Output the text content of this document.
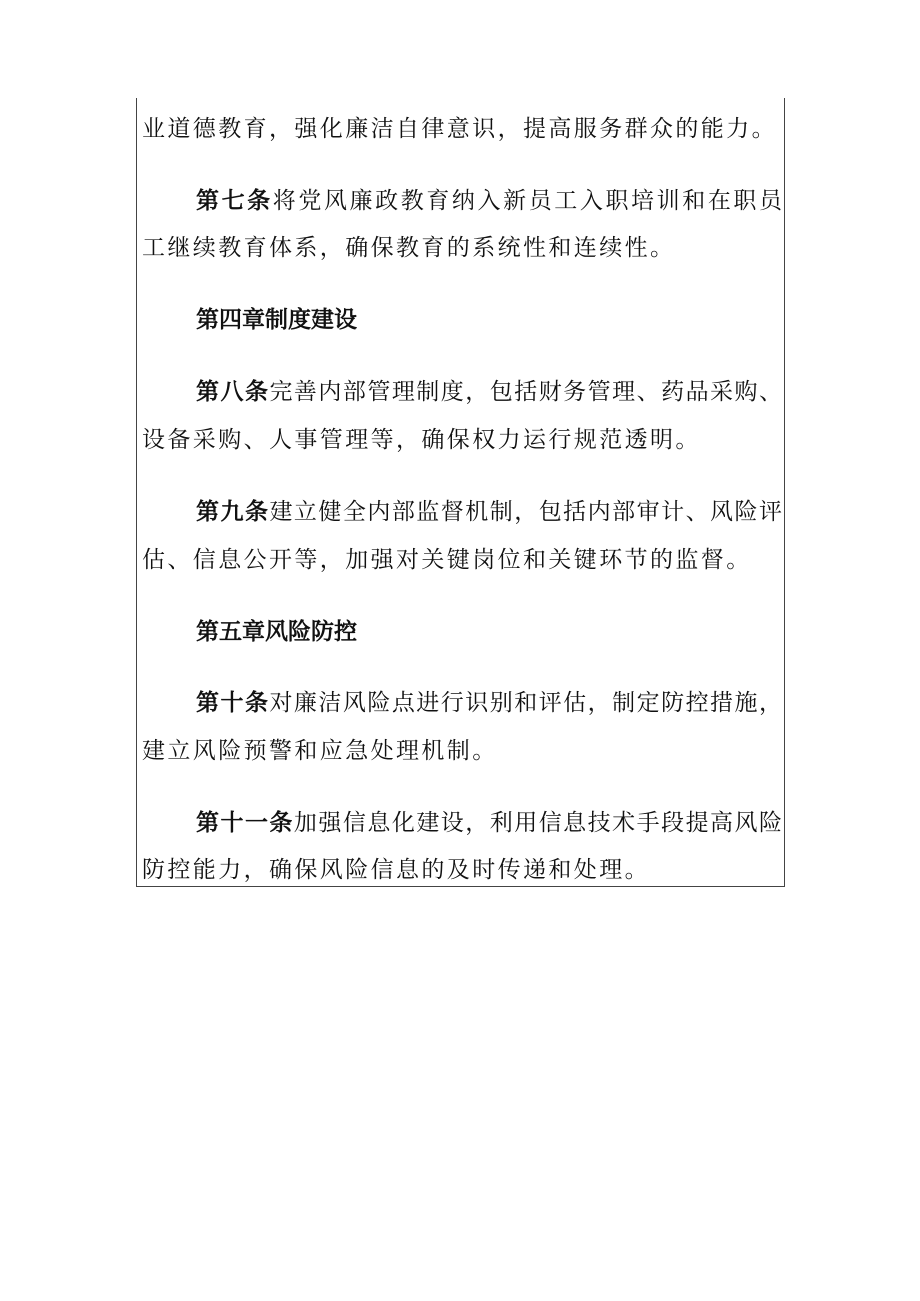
业道德教育，强化廉洁自律意识，提高服务群众的能力。
第七条将党风廉政教育纳入新员工入职培训和在职员
工继续教育体系，确保教育的系统性和连续性。
第四章制度建设
第八条完善内部管理制度，包括财务管理、药品采购、
设备采购、人事管理等，确保权力运行规范透明。
第九条建立健全内部监督机制，包括内部审计、风险评
估、信息公开等，加强对关键岗位和关键环节的监督。
第五章风险防控
第十条对廉洁风险点进行识别和评估，制定防控措施，
建立风险预警和应急处理机制。
第十一条加强信息化建设，利用信息技术手段提高风险
防控能力，确保风险信息的及时传递和处理。
